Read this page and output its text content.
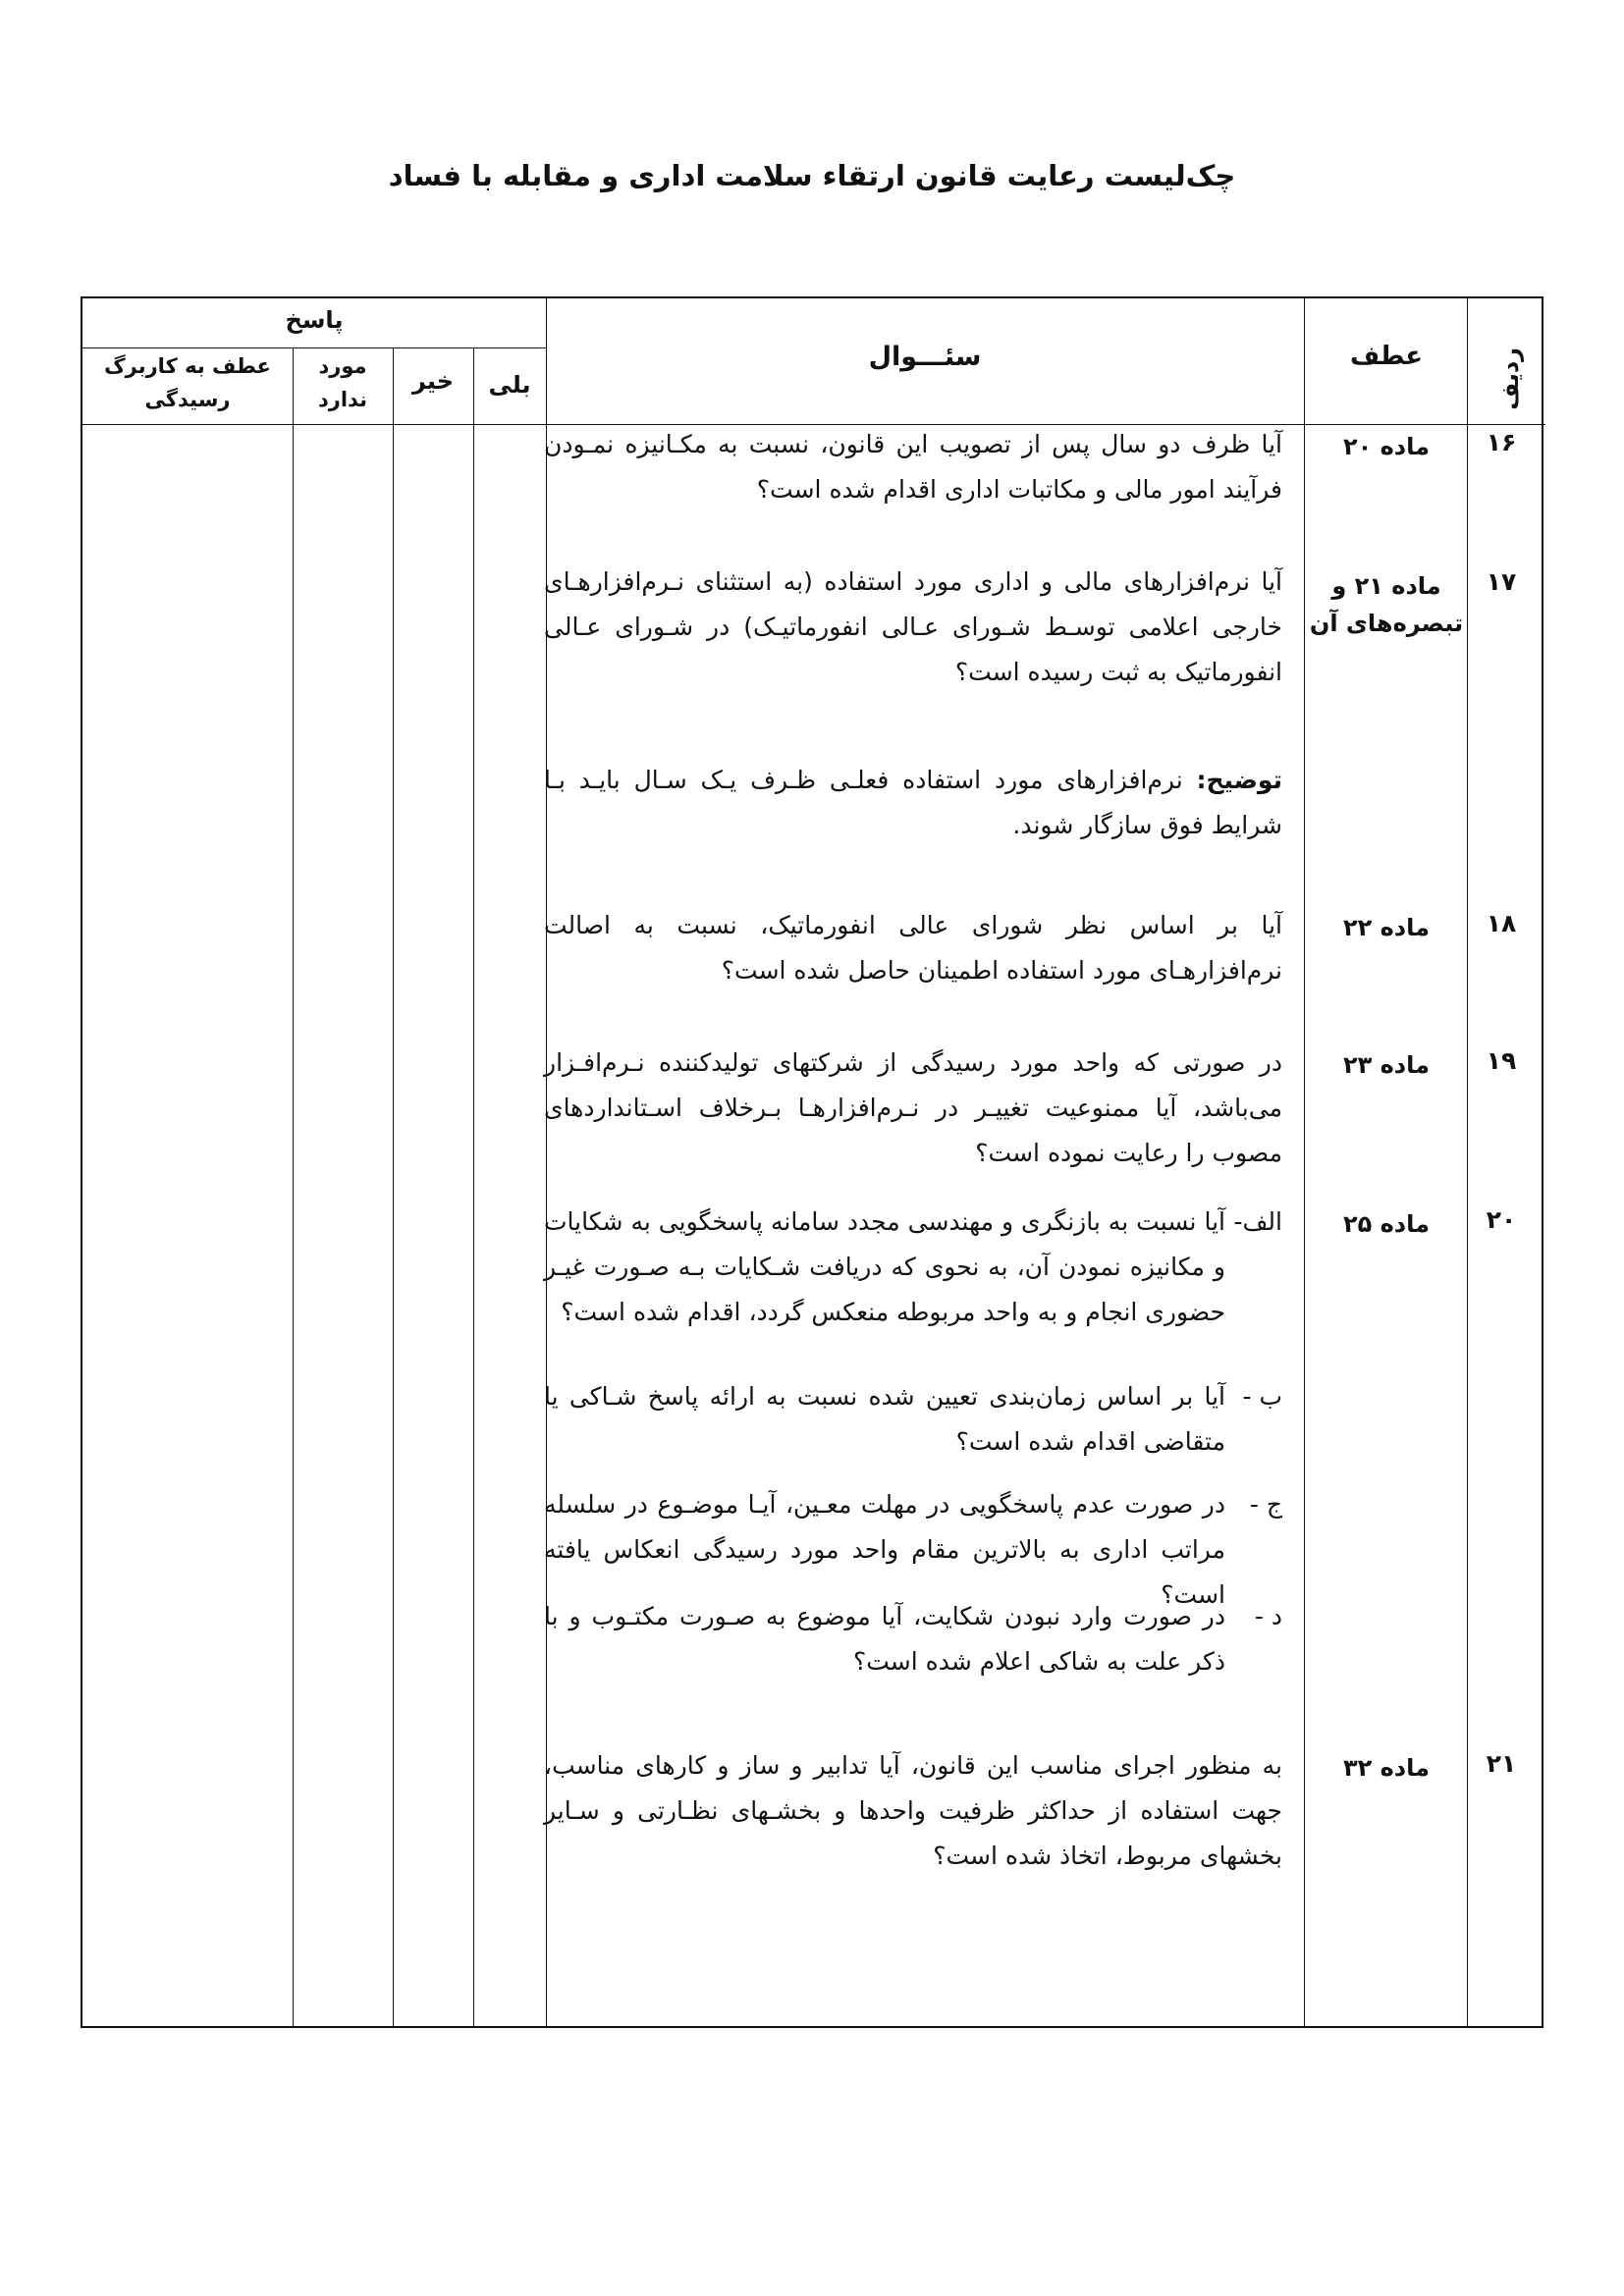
چک‌لیست رعایت قانون ارتقاء سلامت اداری و مقابله با فساد
ردیف
عطف
سئـــوال
پاسخ
بلی
خیر
مورد ندارد
عطف به کاربرگ رسیدگی
۱۶
ماده ۲۰
آیا ظرف دو سال پس از تصویب این قانون، نسبت به مکـانیزه نمـودن فرآیند امور مالی و مکاتبات اداری اقدام شده است؟
۱۷
ماده ۲۱ و تبصره‌های آن
آیا نرم‌افزارهای مالی و اداری مورد استفاده (به استثنای نـرم‌افزارهـای خارجی اعلامی توسـط شـورای عـالی انفورماتیـک) در شـورای عـالی انفورماتیک به ثبت رسیده است؟
توضیح: نرم‌افزارهای مورد استفاده فعلـی ظـرف یـک سـال بایـد بـا شرایط فوق سازگار شوند.
۱۸
ماده ۲۲
آیا بر اساس نظر شورای عالی انفورماتیک، نسبت به اصالت نرم‌افزارهـای مورد استفاده اطمینان حاصل شده است؟
۱۹
ماده ۲۳
در صورتی که واحد مورد رسیدگی از شرکتهای تولیدکننده نـرم‌افـزار می‌باشد، آیا ممنوعیت تغییـر در نـرم‌افزارهـا بـرخلاف اسـتانداردهای مصوب را رعایت نموده است؟
۲۰
ماده ۲۵
الف-
آیا نسبت به بازنگری و مهندسی مجدد سامانه پاسخگویی به شکایات و مکانیزه نمودن آن، به نحوی که دریافت شـکایات بـه صـورت غیـر حضوری انجام و به واحد مربوطه منعکس گردد، اقدام شده است؟
ب -
آیا بر اساس زمان‌بندی تعیین شده نسبت به ارائه پاسخ شـاکی یا متقاضی اقدام شده است؟
ج -
در صورت عدم پاسخگویی در مهلت معـین، آیـا موضـوع در سلسله مراتب اداری به بالاترین مقام واحد مورد رسیدگی انعکاس یافته است؟
د -
در صورت وارد نبودن شکایت، آیا موضوع به صـورت مکتـوب و با ذکر علت به شاکی اعلام شده است؟
۲۱
ماده ۳۲
به منظور اجرای مناسب این قانون، آیا تدابیر و ساز و کارهای مناسب، جهت استفاده از حداکثر ظرفیت واحدها و بخشـهای نظـارتی و سـایر بخشهای مربوط، اتخاذ شده است؟
